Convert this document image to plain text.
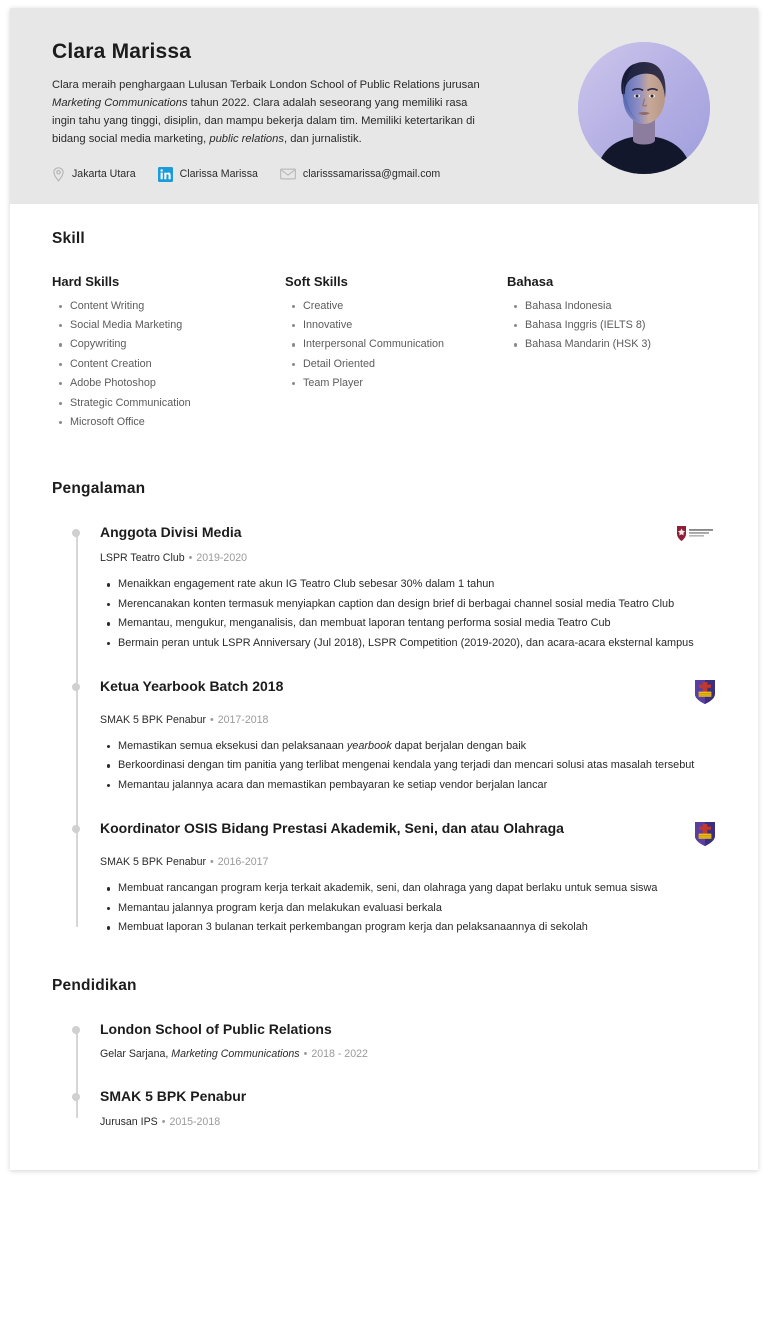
Clara Marissa

Clara meraih penghargaan Lulusan Terbaik London School of Public Relations jurusan Marketing Communications tahun 2022. Clara adalah seseorang yang memiliki rasa ingin tahu yang tinggi, disiplin, dan mampu bekerja dalam tim. Memiliki ketertarikan di bidang social media marketing, public relations, dan jurnalistik.

Jakarta Utara	Clarissa Marissa	clarisssamarissa@gmail.com
Skill
Hard Skills
Content Writing
Social Media Marketing
Copywriting
Content Creation
Adobe Photoshop
Strategic Communication
Microsoft Office
Soft Skills
Creative
Innovative
Interpersonal Communication
Detail Oriented
Team Player
Bahasa
Bahasa Indonesia
Bahasa Inggris (IELTS 8)
Bahasa Mandarin (HSK 3)
Pengalaman
Anggota Divisi Media

LSPR Teatro Club • 2019-2020

Menaikkan engagement rate akun IG Teatro Club sebesar 30% dalam 1 tahun
Merencanakan konten termasuk menyiapkan caption dan design brief di berbagai channel sosial media Teatro Club
Memantau, mengukur, menganalisis, dan membuat laporan tentang performa sosial media Teatro Cub
Bermain peran untuk LSPR Anniversary (Jul 2018), LSPR Competition (2019-2020), dan acara-acara eksternal kampus
Ketua Yearbook Batch 2018

SMAK 5 BPK Penabur • 2017-2018

Memastikan semua eksekusi dan pelaksanaan yearbook dapat berjalan dengan baik
Berkoordinasi dengan tim panitia yang terlibat mengenai kendala yang terjadi dan mencari solusi atas masalah tersebut
Memantau jalannya acara dan memastikan pembayaran ke setiap vendor berjalan lancar
Koordinator OSIS Bidang Prestasi Akademik, Seni, dan atau Olahraga

SMAK 5 BPK Penabur • 2016-2017

Membuat rancangan program kerja terkait akademik, seni, dan olahraga yang dapat berlaku untuk semua siswa
Memantau jalannya program kerja dan melakukan evaluasi berkala
Membuat laporan 3 bulanan terkait perkembangan program kerja dan pelaksanaannya di sekolah
Pendidikan
London School of Public Relations

Gelar Sarjana, Marketing Communications • 2018 - 2022

SMAK 5 BPK Penabur

Jurusan IPS • 2015-2018
